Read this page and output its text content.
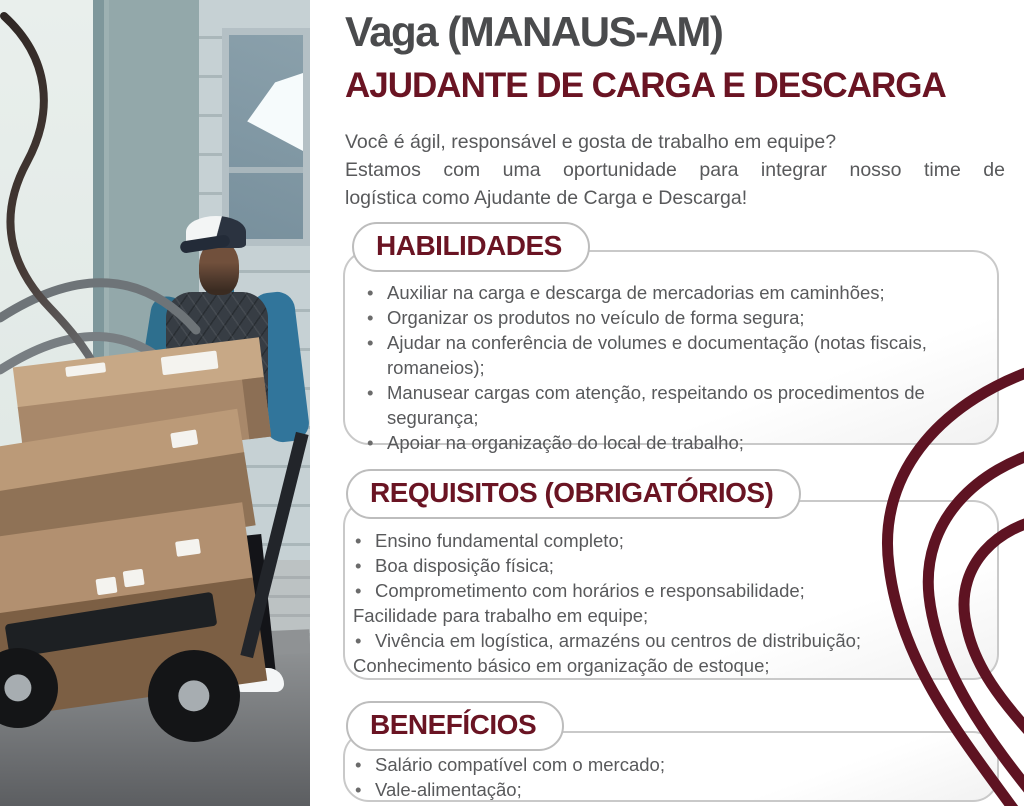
Vaga (MANAUS-AM)
AJUDANTE DE CARGA E DESCARGA
Você é ágil, responsável e gosta de trabalho em equipe?
Estamos com uma oportunidade para integrar nosso time de
logística como Ajudante de Carga e Descarga!
HABILIDADES
• Auxiliar na carga e descarga de mercadorias em caminhões;
• Organizar os produtos no veículo de forma segura;
• Ajudar na conferência de volumes e documentação (notas fiscais, romaneios);
• Manusear cargas com atenção, respeitando os procedimentos de segurança;
• Apoiar na organização do local de trabalho;
REQUISITOS (OBRIGATÓRIOS)
• Ensino fundamental completo;
• Boa disposição física;
• Comprometimento com horários e responsabilidade;
Facilidade para trabalho em equipe;
• Vivência em logística, armazéns ou centros de distribuição;
Conhecimento básico em organização de estoque;
BENEFÍCIOS
• Salário compatível com o mercado;
• Vale-alimentação;
